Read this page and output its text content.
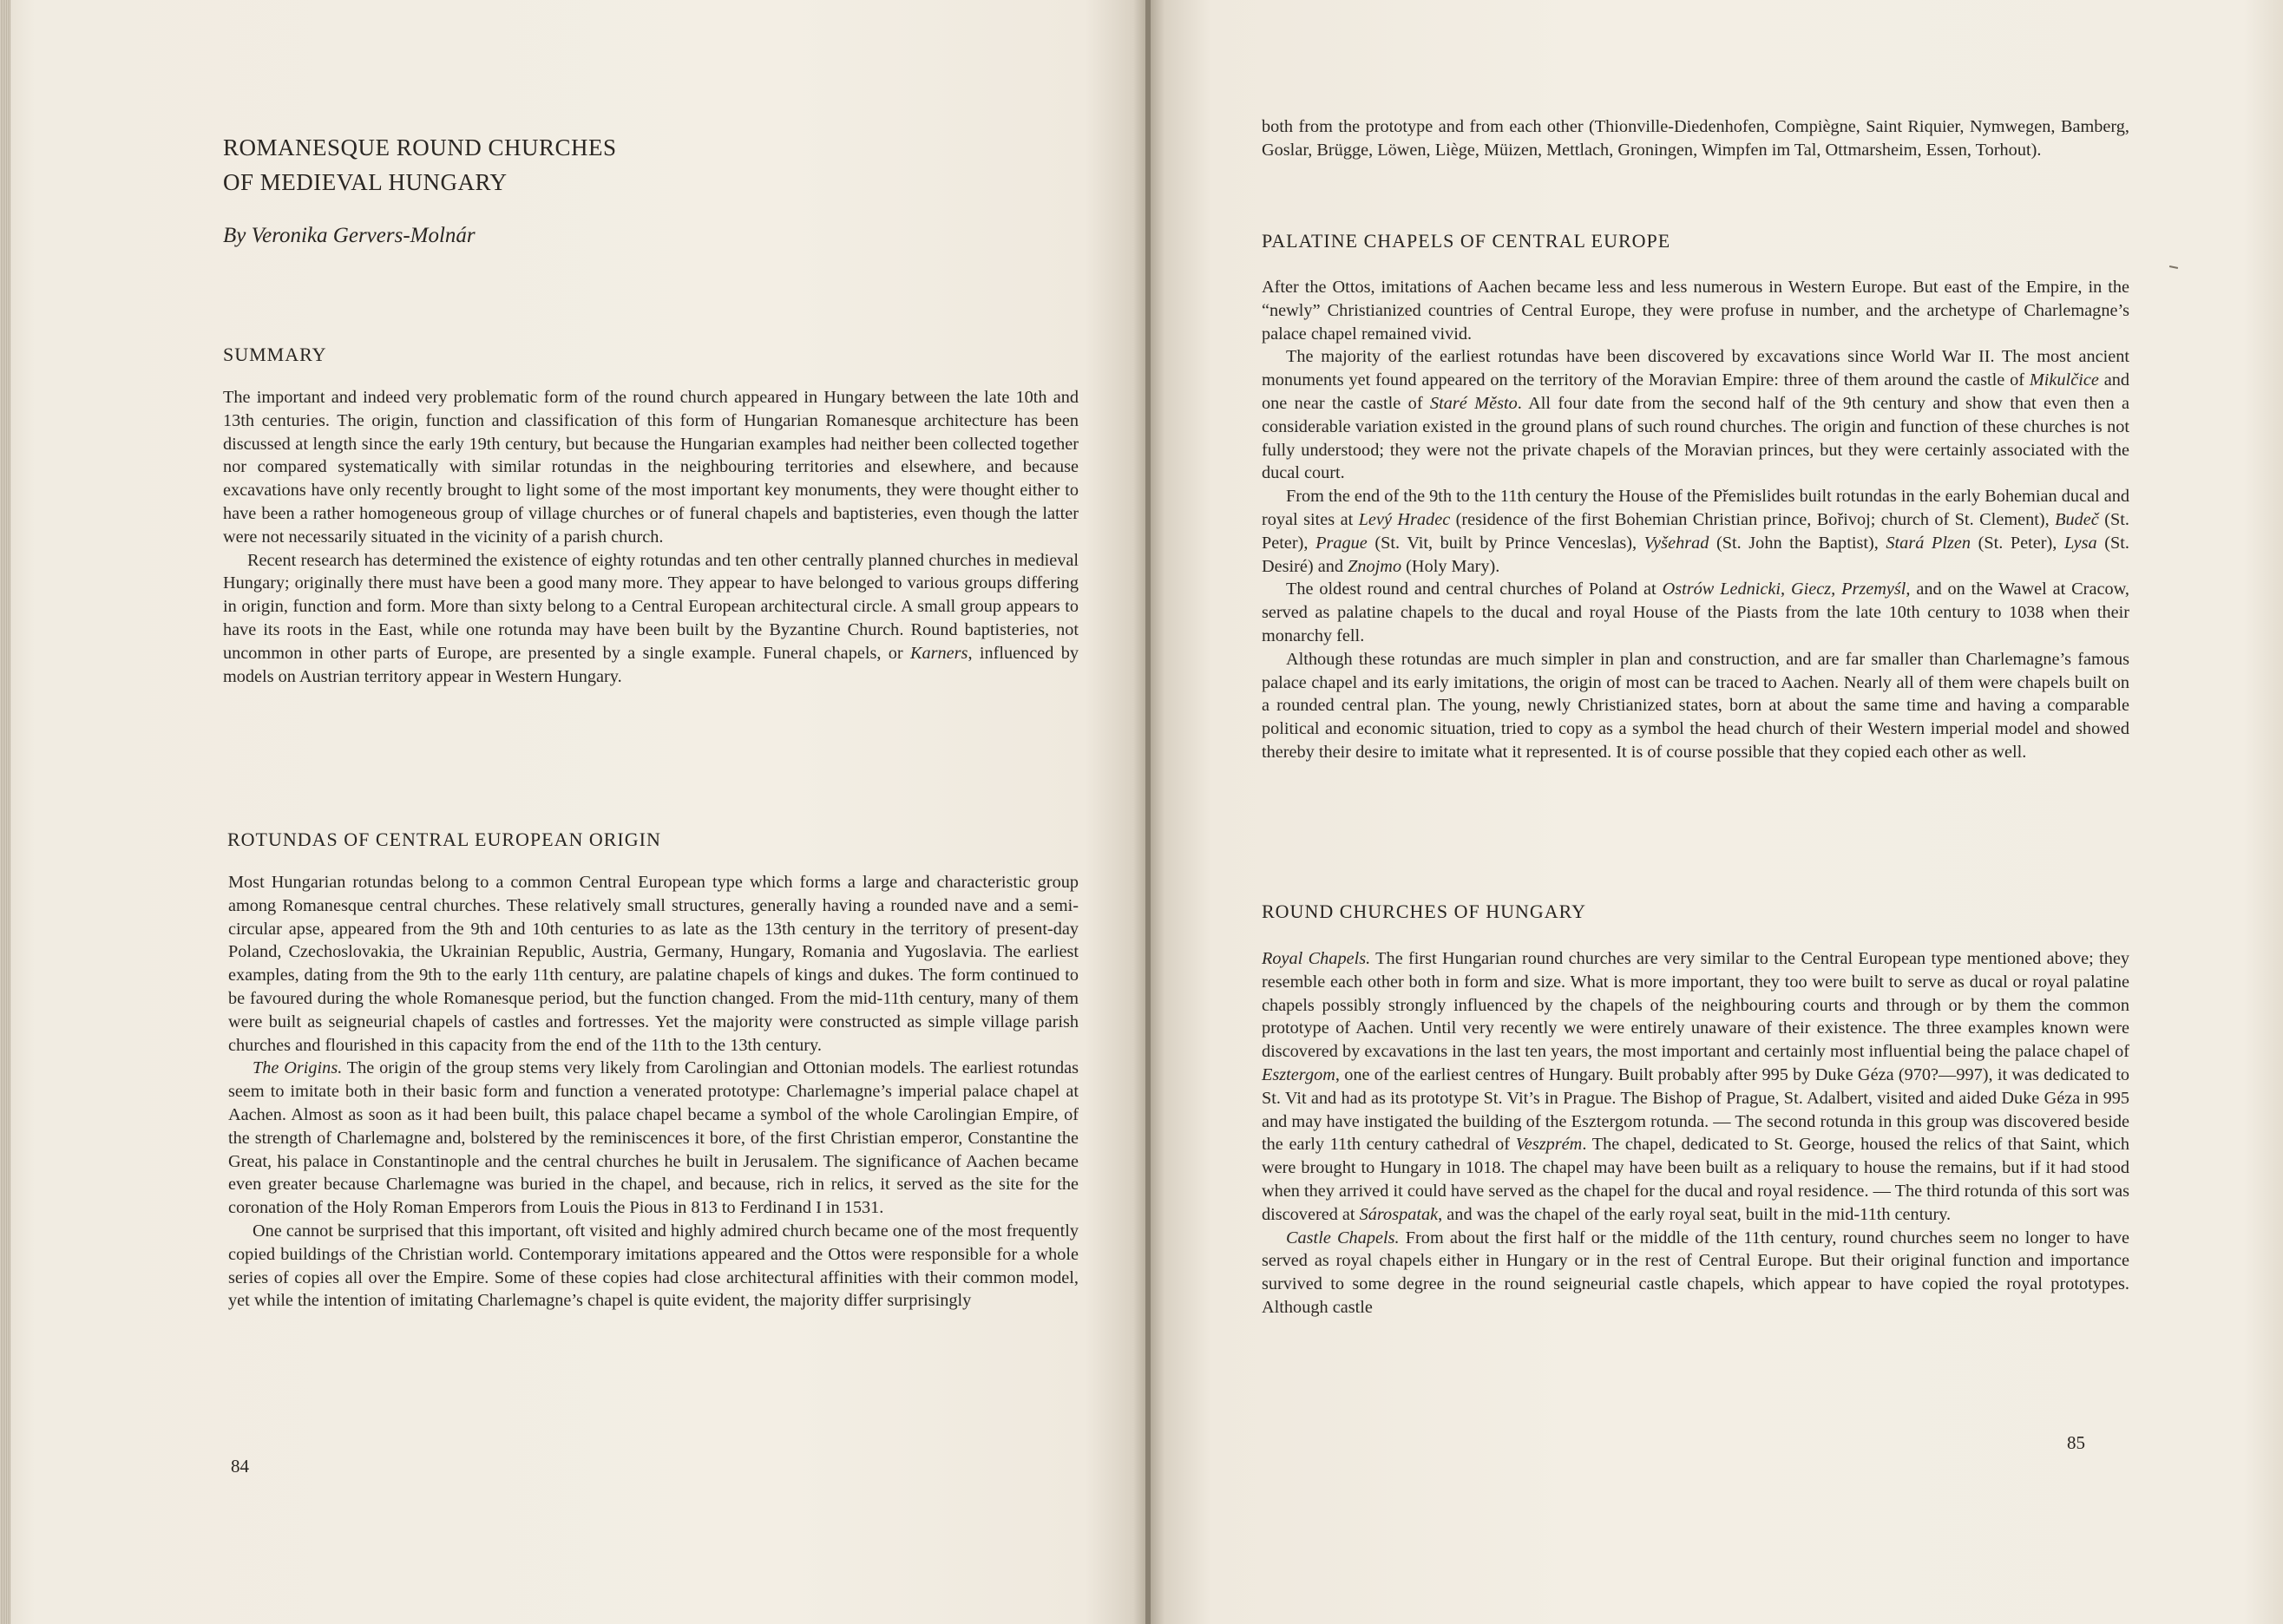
ROMANESQUE ROUND CHURCHES
OF MEDIEVAL HUNGARY
By Veronika Gervers-Molnár
SUMMARY

The important and indeed very problematic form of the round church appeared in Hungary between the late 10th and 13th centuries. The origin, function and classification of this form of Hungarian Romanesque architecture has been discussed at length since the early 19th century, but because the Hungarian examples had neither been collected together nor compared systematically with similar rotundas in the neighbouring territories and elsewhere, and because excavations have only recently brought to light some of the most important key monuments, they were thought either to have been a rather homogeneous group of village churches or of funeral chapels and baptisteries, even though the latter were not necessarily situated in the vicinity of a parish church.

Recent research has determined the existence of eighty rotundas and ten other centrally planned churches in medieval Hungary; originally there must have been a good many more. They appear to have belonged to various groups differing in origin, function and form. More than sixty belong to a Central European architectural circle. A small group appears to have its roots in the East, while one rotunda may have been built by the Byzantine Church. Round baptisteries, not uncommon in other parts of Europe, are presented by a single example. Funeral chapels, or Karners, influenced by models on Austrian territory appear in Western Hungary.

ROTUNDAS OF CENTRAL EUROPEAN ORIGIN

Most Hungarian rotundas belong to a common Central European type which forms a large and characteristic group among Romanesque central churches. These relatively small structures, generally having a rounded nave and a semi-circular apse, appeared from the 9th and 10th centuries to as late as the 13th century in the territory of present-day Poland, Czechoslovakia, the Ukrainian Republic, Austria, Germany, Hungary, Romania and Yugoslavia. The earliest examples, dating from the 9th to the early 11th century, are palatine chapels of kings and dukes. The form continued to be favoured during the whole Romanesque period, but the function changed. From the mid-11th century, many of them were built as seigneurial chapels of castles and fortresses. Yet the majority were constructed as simple village parish churches and flourished in this capacity from the end of the 11th to the 13th century.

The Origins. The origin of the group stems very likely from Carolingian and Ottonian models. The earliest rotundas seem to imitate both in their basic form and function a venerated prototype: Charlemagne’s imperial palace chapel at Aachen. Almost as soon as it had been built, this palace chapel became a symbol of the whole Carolingian Empire, of the strength of Charlemagne and, bolstered by the reminiscences it bore, of the first Christian emperor, Constantine the Great, his palace in Constantinople and the central churches he built in Jerusalem. The significance of Aachen became even greater because Charlemagne was buried in the chapel, and because, rich in relics, it served as the site for the coronation of the Holy Roman Emperors from Louis the Pious in 813 to Ferdinand I in 1531.

One cannot be surprised that this important, oft visited and highly admired church became one of the most frequently copied buildings of the Christian world. Contemporary imitations appeared and the Ottos were responsible for a whole series of copies all over the Empire. Some of these copies had close architectural affinities with their common model, yet while the intention of imitating Charlemagne’s chapel is quite evident, the majority differ surprisingly

84

both from the prototype and from each other (Thionville-Diedenhofen, Compiègne, Saint Riquier, Nymwegen, Bamberg, Goslar, Brügge, Löwen, Liège, Müizen, Mettlach, Groningen, Wimpfen im Tal, Ottmarsheim, Essen, Torhout).

PALATINE CHAPELS OF CENTRAL EUROPE

After the Ottos, imitations of Aachen became less and less numerous in Western Europe. But east of the Empire, in the “newly” Christianized countries of Central Europe, they were profuse in number, and the archetype of Charlemagne’s palace chapel remained vivid.

The majority of the earliest rotundas have been discovered by excavations since World War II. The most ancient monuments yet found appeared on the territory of the Moravian Empire: three of them around the castle of Mikulčice and one near the castle of Staré Město. All four date from the second half of the 9th century and show that even then a considerable variation existed in the ground plans of such round churches. The origin and function of these churches is not fully understood; they were not the private chapels of the Moravian princes, but they were certainly associated with the ducal court.

From the end of the 9th to the 11th century the House of the Přemislides built rotundas in the early Bohemian ducal and royal sites at Levý Hradec (residence of the first Bohemian Christian prince, Bořivoj; church of St. Clement), Budeč (St. Peter), Prague (St. Vit, built by Prince Venceslas), Vyšehrad (St. John the Baptist), Stará Plzen (St. Peter), Lysa (St. Desiré) and Znojmo (Holy Mary).

The oldest round and central churches of Poland at Ostrów Lednicki, Giecz, Przemyśl, and on the Wawel at Cracow, served as palatine chapels to the ducal and royal House of the Piasts from the late 10th century to 1038 when their monarchy fell.

Although these rotundas are much simpler in plan and construction, and are far smaller than Charlemagne’s famous palace chapel and its early imitations, the origin of most can be traced to Aachen. Nearly all of them were chapels built on a rounded central plan. The young, newly Christianized states, born at about the same time and having a comparable political and economic situation, tried to copy as a symbol the head church of their Western imperial model and showed thereby their desire to imitate what it represented. It is of course possible that they copied each other as well.

ROUND CHURCHES OF HUNGARY

Royal Chapels. The first Hungarian round churches are very similar to the Central European type mentioned above; they resemble each other both in form and size. What is more important, they too were built to serve as ducal or royal palatine chapels possibly strongly influenced by the chapels of the neighbouring courts and through or by them the common prototype of Aachen. Until very recently we were entirely unaware of their existence. The three examples known were discovered by excavations in the last ten years, the most important and certainly most influential being the palace chapel of Esztergom, one of the earliest centres of Hungary. Built probably after 995 by Duke Géza (970?—997), it was dedicated to St. Vit and had as its prototype St. Vit’s in Prague. The Bishop of Prague, St. Adalbert, visited and aided Duke Géza in 995 and may have instigated the building of the Esztergom rotunda. — The second rotunda in this group was discovered beside the early 11th century cathedral of Veszprém. The chapel, dedicated to St. George, housed the relics of that Saint, which were brought to Hungary in 1018. The chapel may have been built as a reliquary to house the remains, but if it had stood when they arrived it could have served as the chapel for the ducal and royal residence. — The third rotunda of this sort was discovered at Sárospatak, and was the chapel of the early royal seat, built in the mid-11th century.

Castle Chapels. From about the first half or the middle of the 11th century, round churches seem no longer to have served as royal chapels either in Hungary or in the rest of Central Europe. But their original function and importance survived to some degree in the round seigneurial castle chapels, which appear to have copied the royal prototypes. Although castle

85
